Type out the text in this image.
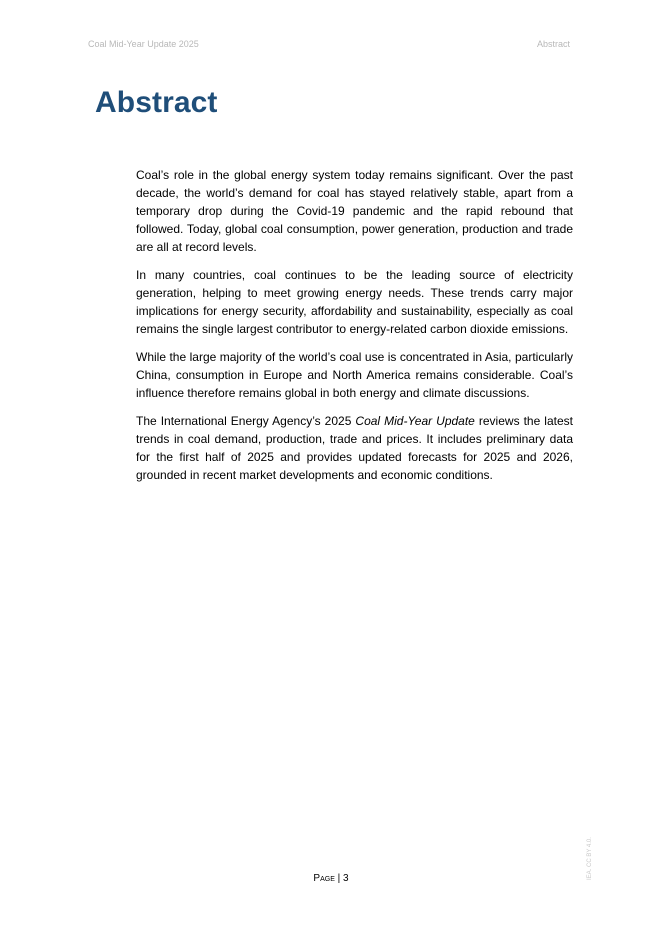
Coal Mid-Year Update 2025	Abstract
Abstract

Coal’s role in the global energy system today remains significant. Over the past decade, the world’s demand for coal has stayed relatively stable, apart from a temporary drop during the Covid-19 pandemic and the rapid rebound that followed. Today, global coal consumption, power generation, production and trade are all at record levels.

In many countries, coal continues to be the leading source of electricity generation, helping to meet growing energy needs. These trends carry major implications for energy security, affordability and sustainability, especially as coal remains the single largest contributor to energy-related carbon dioxide emissions.

While the large majority of the world’s coal use is concentrated in Asia, particularly China, consumption in Europe and North America remains considerable. Coal’s influence therefore remains global in both energy and climate discussions.

The International Energy Agency’s 2025 Coal Mid-Year Update reviews the latest trends in coal demand, production, trade and prices. It includes preliminary data for the first half of 2025 and provides updated forecasts for 2025 and 2026, grounded in recent market developments and economic conditions.

Page | 3	IEA. CC BY 4.0.
